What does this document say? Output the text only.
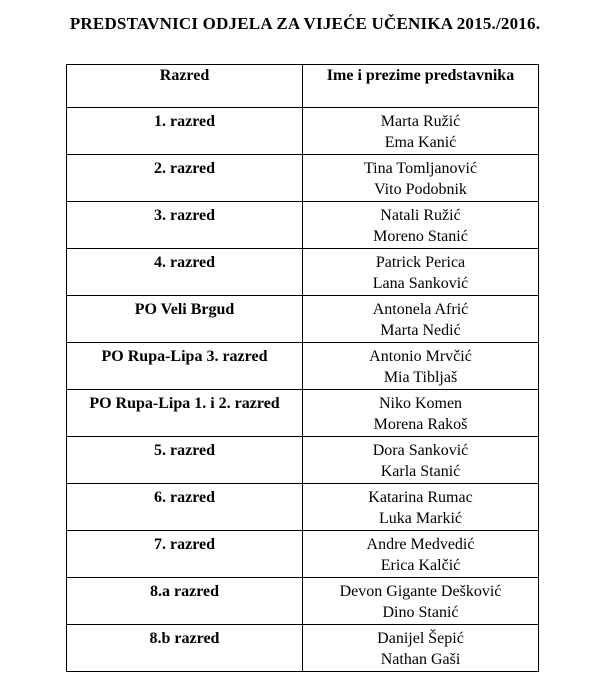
PREDSTAVNICI ODJELA ZA VIJEĆE UČENIKA 2015./2016.
Razred	Ime i prezime predstavnika
1. razred	Marta Ružić
Ema Kanić

2. razred	Tina Tomljanović
Vito Podobnik

3. razred	Natali Ružić
Moreno Stanić

4. razred	Patrick Perica
Lana Sanković

PO Veli Brgud	Antonela Afrić
Marta Nedić

PO Rupa-Lipa 3. razred	Antonio Mrvčić
Mia Tibljaš

PO Rupa-Lipa 1. i 2. razred	Niko Komen
Morena Rakoš

5. razred	Dora Sanković
Karla Stanić

6. razred	Katarina Rumac
Luka Markić

7. razred	Andre Medvedić
Erica Kalčić

8.a razred	Devon Gigante Dešković
Dino Stanić

8.b razred	Danijel Šepić
Nathan Gaši
